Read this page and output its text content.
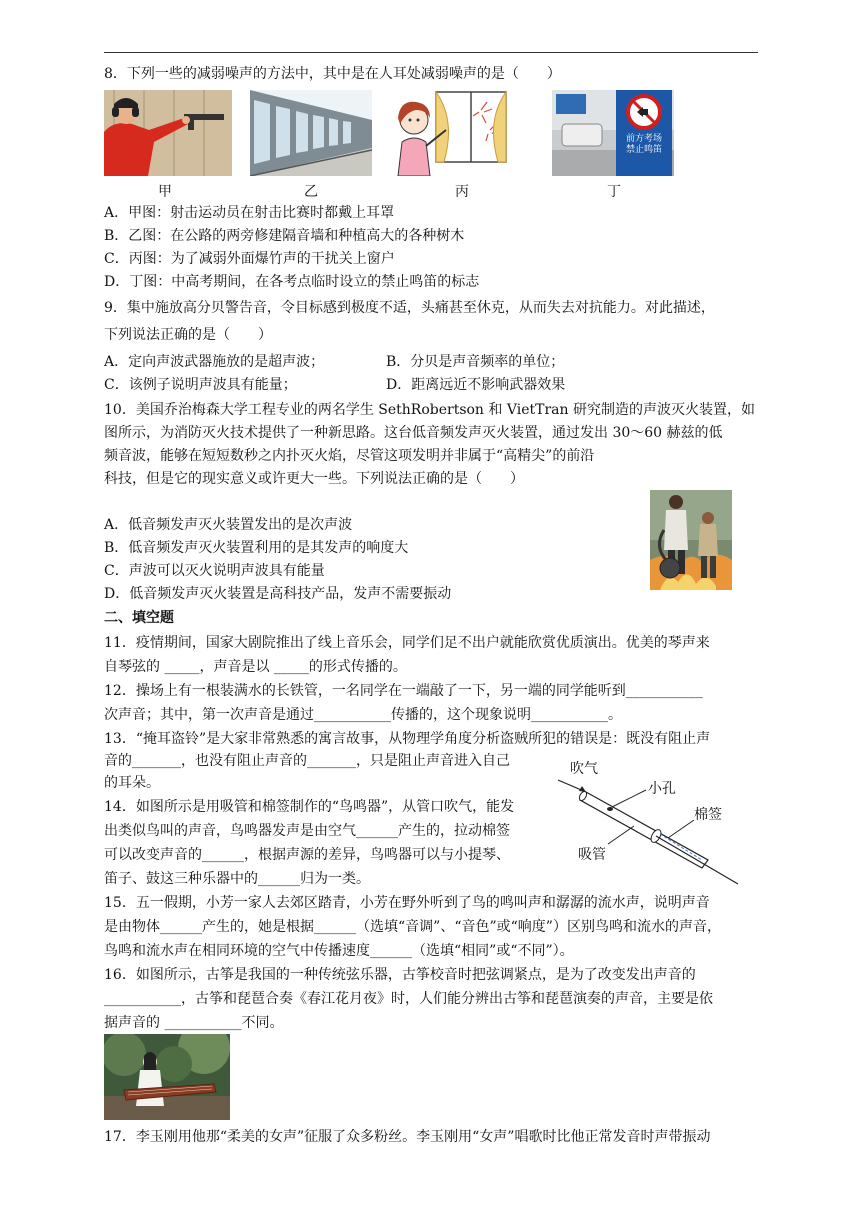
8．下列一些的减弱噪声的方法中，其中是在人耳处减弱噪声的是（　　）
前方考场
禁止鸣笛
甲	乙	丙	丁
A．甲图：射击运动员在射击比赛时都戴上耳罩
B．乙图：在公路的两旁修建隔音墙和种植高大的各种树木
C．丙图：为了减弱外面爆竹声的干扰关上窗户
D．丁图：中高考期间，在各考点临时设立的禁止鸣笛的标志
9．集中施放高分贝警告音，令目标感到极度不适，头痛甚至休克，从而失去对抗能力。对此描述，
下列说法正确的是（　　）
A．定向声波武器施放的是超声波；	B．分贝是声音频率的单位；
C．该例子说明声波具有能量；	D．距离远近不影响武器效果
10．美国乔治梅森大学工程专业的两名学生 SethRobertson 和 VietTran 研究制造的声波灭火装置，如
图所示，为消防灭火技术提供了一种新思路。这台低音频发声灭火装置，通过发出 30～60 赫兹的低
频音波，能够在短短数秒之内扑灭火焰，尽管这项发明并非属于“高精尖”的前沿
科技，但是它的现实意义或许更大一些。下列说法正确的是（　　）
A．低音频发声灭火装置发出的是次声波
B．低音频发声灭火装置利用的是其发声的响度大
C．声波可以灭火说明声波具有能量
D．低音频发声灭火装置是高科技产品，发声不需要振动
二、填空题
11．疫情期间，国家大剧院推出了线上音乐会，同学们足不出户就能欣赏优质演出。优美的琴声来
自琴弦的 _____，声音是以 _____的形式传播的。
12．操场上有一根装满水的长铁管，一名同学在一端敲了一下，另一端的同学能听到___________
次声音；其中，第一次声音是通过___________传播的，这个现象说明___________。
13．“掩耳盗铃”是大家非常熟悉的寓言故事，从物理学角度分析盗贼所犯的错误是：既没有阻止声
音的_______，也没有阻止声音的_______，只是阻止声音进入自己
的耳朵。
14．如图所示是用吸管和棉签制作的“鸟鸣器”，从管口吹气，能发
出类似鸟叫的声音，鸟鸣器发声是由空气______产生的，拉动棉签
可以改变声音的______，根据声源的差异，鸟鸣器可以与小提琴、
笛子、鼓这三种乐器中的______归为一类。
吹气
小孔
棉签
吸管
15．五一假期，小芳一家人去郊区踏青，小芳在野外听到了鸟的鸣叫声和潺潺的流水声，说明声音
是由物体______产生的，她是根据______（选填“音调”、“音色”或“响度”）区别鸟鸣和流水的声音，
鸟鸣和流水声在相同环境的空气中传播速度______（选填“相同”或“不同”）。
16．如图所示，古筝是我国的一种传统弦乐器，古筝校音时把弦调紧点，是为了改变发出声音的
___________，古筝和琵琶合奏《春江花月夜》时，人们能分辨出古筝和琵琶演奏的声音，主要是依
据声音的 ___________不同。
17．李玉刚用他那“柔美的女声”征服了众多粉丝。李玉刚用“女声”唱歌时比他正常发音时声带振动
